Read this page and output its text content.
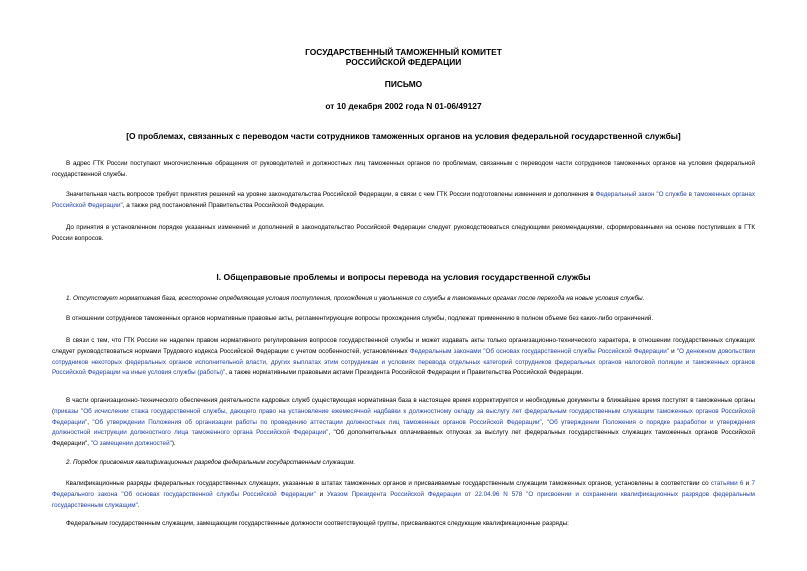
ГОСУДАРСТВЕННЫЙ ТАМОЖЕННЫЙ КОМИТЕТ

РОССИЙСКОЙ ФЕДЕРАЦИИ

ПИСЬМО

от 10 декабря 2002 года N 01-06/49127

[О проблемах, связанных с переводом части сотрудников таможенных органов на условия федеральной государственной службы]

В адрес ГТК России поступают многочисленные обращения от руководителей и должностных лиц таможенных органов по проблемам, связанным с переводом части сотрудников таможенных органов на условия федеральной государственной службы.

Значительная часть вопросов требует принятия решений на уровне законодательства Российской Федерации, в связи с чем ГТК России подготовлены изменения и дополнения в Федеральный закон "О службе в таможенных органах Российской Федерации", а также ряд постановлений Правительства Российской Федерации.

До принятия в установленном порядке указанных изменений и дополнений в законодательство Российской Федерации следует руководствоваться следующими рекомендациями, сформированными на основе поступивших в ГТК России вопросов.

I. Общеправовые проблемы и вопросы перевода на условия государственной службы

1. Отсутствует нормативная база, всесторонне определяющая условия поступления, прохождения и увольнения со службы в таможенных органах после перехода на новые условия службы.

В отношении сотрудников таможенных органов нормативные правовые акты, регламентирующие вопросы прохождения службы, подлежат применению в полном объеме без каких-либо ограничений.

В связи с тем, что ГТК России не наделен правом нормативного регулирования вопросов государственной службы и может издавать акты только организационно-технического характера, в отношении государственных служащих следует руководствоваться нормами Трудового кодекса Российской Федерации с учетом особенностей, установленных Федеральным законами "Об основах государственной службы Российской Федерации" и "О денежном довольствии сотрудников некоторых федеральных органов исполнительной власти, других выплатах этим сотрудникам и условиях перевода отдельных категорий сотрудников федеральных органов налоговой полиции и таможенных органов Российской Федерации на иные условия службы (работы)", а также нормативными правовыми актами Президента Российской Федерации и Правительства Российской Федерации.

В части организационно-технического обеспечения деятельности кадровых служб существующая нормативная база в настоящее время корректируется и необходимые документы в ближайшее время поступят в таможенные органы (приказы "Об исчислении стажа государственной службы, дающего право на установление ежемесячной надбавки к должностному окладу за выслугу лет федеральным государственным служащим таможенных органов Российской Федерации", "Об утверждении Положения об организации работы по проведению аттестации должностных лиц таможенных органов Российской Федерации", "Об утверждении Положения о порядке разработки и утверждения должностной инструкции должностного лица таможенного органа Российской Федерации", "Об дополнительных оплачиваемых отпусках за выслугу лет федеральных государственных служащих таможенных органов Российской Федерации", "О замещении должностей").

2. Порядок присвоения квалификационных разрядов федеральным государственным служащим.

Квалификационные разряды федеральных государственных служащих, указанные в штатах таможенных органов и присваиваемые государственным служащим таможенных органов, установлены в соответствии со статьями 6 и 7 Федерального закона "Об основах государственной службы Российской Федерации" и Указом Президента Российской Федерации от 22.04.96 N 578 "О присвоении и сохранении квалификационных разрядов федеральным государственным служащим".

Федеральным государственным служащим, замещающим государственные должности соответствующей группы, присваиваются следующие квалификационные разряды:
